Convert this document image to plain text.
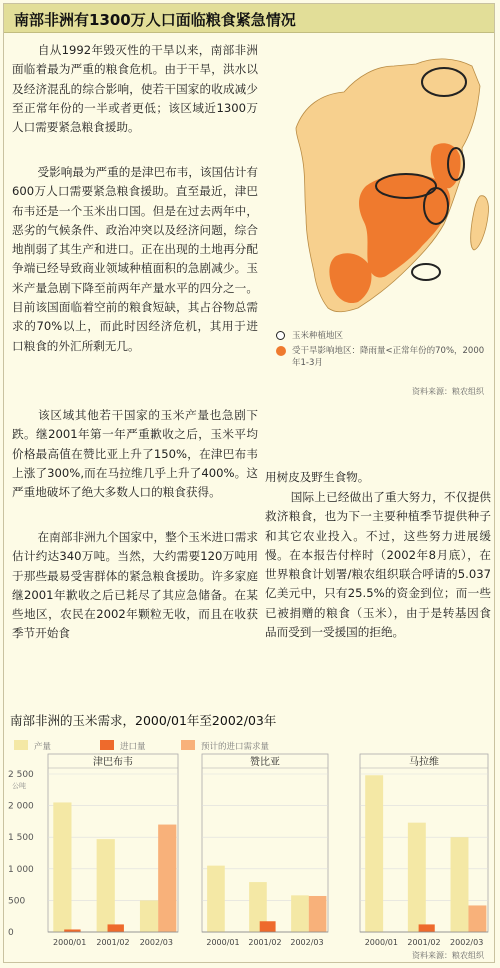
南部非洲有1300万人口面临粮食紧急情况

自从1992年毁灭性的干旱以来，南部非洲面临着最为严重的粮食危机。由于干旱，洪水以及经济混乱的综合影响，使若干国家的收成减少至正常年份的一半或者更低；该区域近1300万人口需要紧急粮食援助。

受影响最为严重的是津巴布韦，该国估计有600万人口需要紧急粮食援助。直至最近，津巴布韦还是一个玉米出口国。但是在过去两年中，恶劣的气候条件、政治冲突以及经济问题，综合地削弱了其生产和进口。正在出现的土地再分配争端已经导致商业领域种植面积的急剧减少。玉米产量急剧下降至前两年产量水平的四分之一。目前该国面临着空前的粮食短缺，其占谷物总需求的70%以上，而此时因经济危机，其用于进口粮食的外汇所剩无几。

该区域其他若干国家的玉米产量也急剧下跌。继2001年第一年严重歉收之后，玉米平均价格最高值在赞比亚上升了150%，在津巴布韦上涨了300%,而在马拉维几乎上升了400%。这严重地破坏了绝大多数人口的粮食获得。

在南部非洲九个国家中，整个玉米进口需求估计约达340万吨。当然，大约需要120万吨用于那些最易受害群体的紧急粮食援助。许多家庭继2001年歉收之后已耗尽了其应急储备。在某些地区，农民在2002年颗粒无收，而且在收获季节开始食

用树皮及野生食物。

国际上已经做出了重大努力，不仅提供救济粮食，也为下一主要种植季节提供种子和其它农业投入。不过，这些努力进展缓慢。在本报告付梓时（2002年8月底），在世界粮食计划署/粮农组织联合呼请的5.037亿美元中，只有25.5%的资金到位；而一些已被捐赠的粮食（玉米），由于是转基因食品而受到一受援国的拒绝。

玉米种植地区
受干旱影响地区：降雨量<正常年份的70%，2000年1-3月
资料来源：粮农组织
南部非洲的玉米需求，2000/01年至2002/03年
产量	进口量	预计的进口需求量
0
500
1 000
1 500
2 000
2 500
公吨
津巴布韦
2000/01 2001/02 2002/03
赞比亚
2000/01 2001/02 2002/03
马拉维
2000/01 2001/02 2002/03
资料来源：粮农组织
